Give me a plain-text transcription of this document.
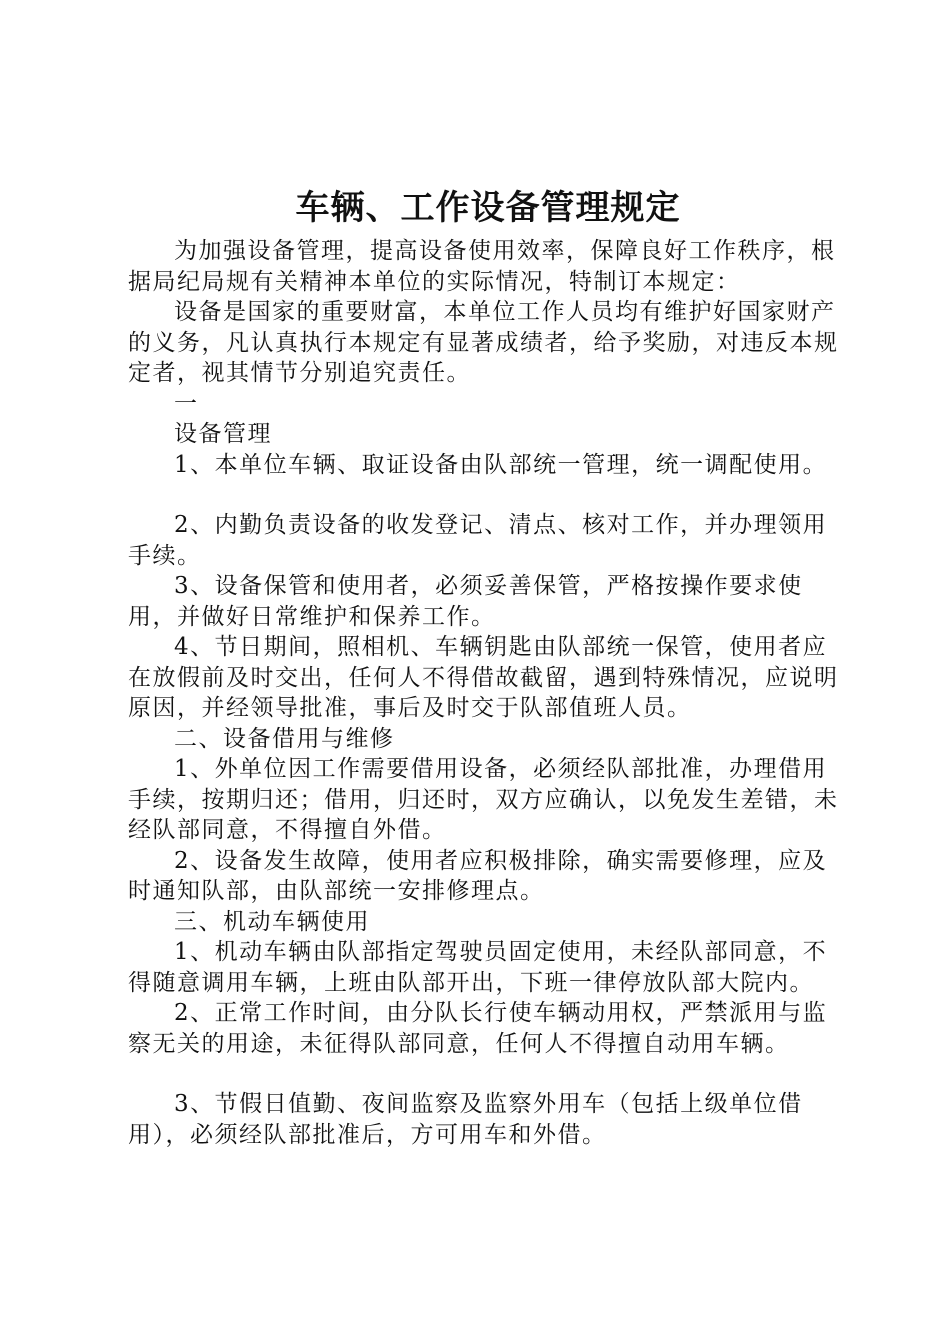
车辆、工作设备管理规定

为加强设备管理，提高设备使用效率，保障良好工作秩序，根据局纪局规有关精神本单位的实际情况，特制订本规定：

设备是国家的重要财富，本单位工作人员均有维护好国家财产的义务，凡认真执行本规定有显著成绩者，给予奖励，对违反本规定者，视其情节分别追究责任。

一

设备管理

1、本单位车辆、取证设备由队部统一管理，统一调配使用。

2、内勤负责设备的收发登记、清点、核对工作，并办理领用手续。

3、设备保管和使用者，必须妥善保管，严格按操作要求使用，并做好日常维护和保养工作。

4、节日期间，照相机、车辆钥匙由队部统一保管，使用者应在放假前及时交出，任何人不得借故截留，遇到特殊情况，应说明原因，并经领导批准，事后及时交于队部值班人员。

二、设备借用与维修

1、外单位因工作需要借用设备，必须经队部批准，办理借用手续，按期归还；借用，归还时，双方应确认，以免发生差错，未经队部同意，不得擅自外借。

2、设备发生故障，使用者应积极排除，确实需要修理，应及时通知队部，由队部统一安排修理点。

三、机动车辆使用

1、机动车辆由队部指定驾驶员固定使用，未经队部同意，不得随意调用车辆，上班由队部开出，下班一律停放队部大院内。

2、正常工作时间，由分队长行使车辆动用权，严禁派用与监察无关的用途，未征得队部同意，任何人不得擅自动用车辆。

3、节假日值勤、夜间监察及监察外用车（包括上级单位借用），必须经队部批准后，方可用车和外借。
